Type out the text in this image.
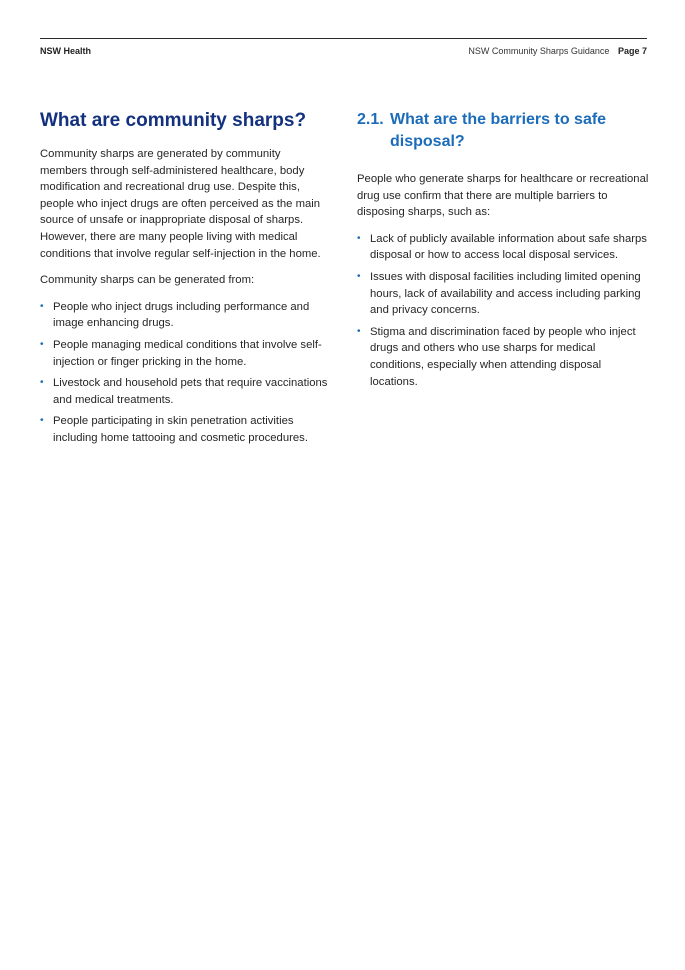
NSW Health	NSW Community Sharps Guidance Page 7
What are community sharps?

Community sharps are generated by community members through self-administered healthcare, body modification and recreational drug use. Despite this, people who inject drugs are often perceived as the main source of unsafe or inappropriate disposal of sharps. However, there are many people living with medical conditions that involve regular self-injection in the home.

Community sharps can be generated from:

• People who inject drugs including performance and image enhancing drugs.
• People managing medical conditions that involve self-injection or finger pricking in the home.
• Livestock and household pets that require vaccinations and medical treatments.
• People participating in skin penetration activities including home tattooing and cosmetic procedures.
2.1. What are the barriers to safe disposal?

People who generate sharps for healthcare or recreational drug use confirm that there are multiple barriers to disposing sharps, such as:

• Lack of publicly available information about safe sharps disposal or how to access local disposal services.
• Issues with disposal facilities including limited opening hours, lack of availability and access including parking and privacy concerns.
• Stigma and discrimination faced by people who inject drugs and others who use sharps for medical conditions, especially when attending disposal locations.
